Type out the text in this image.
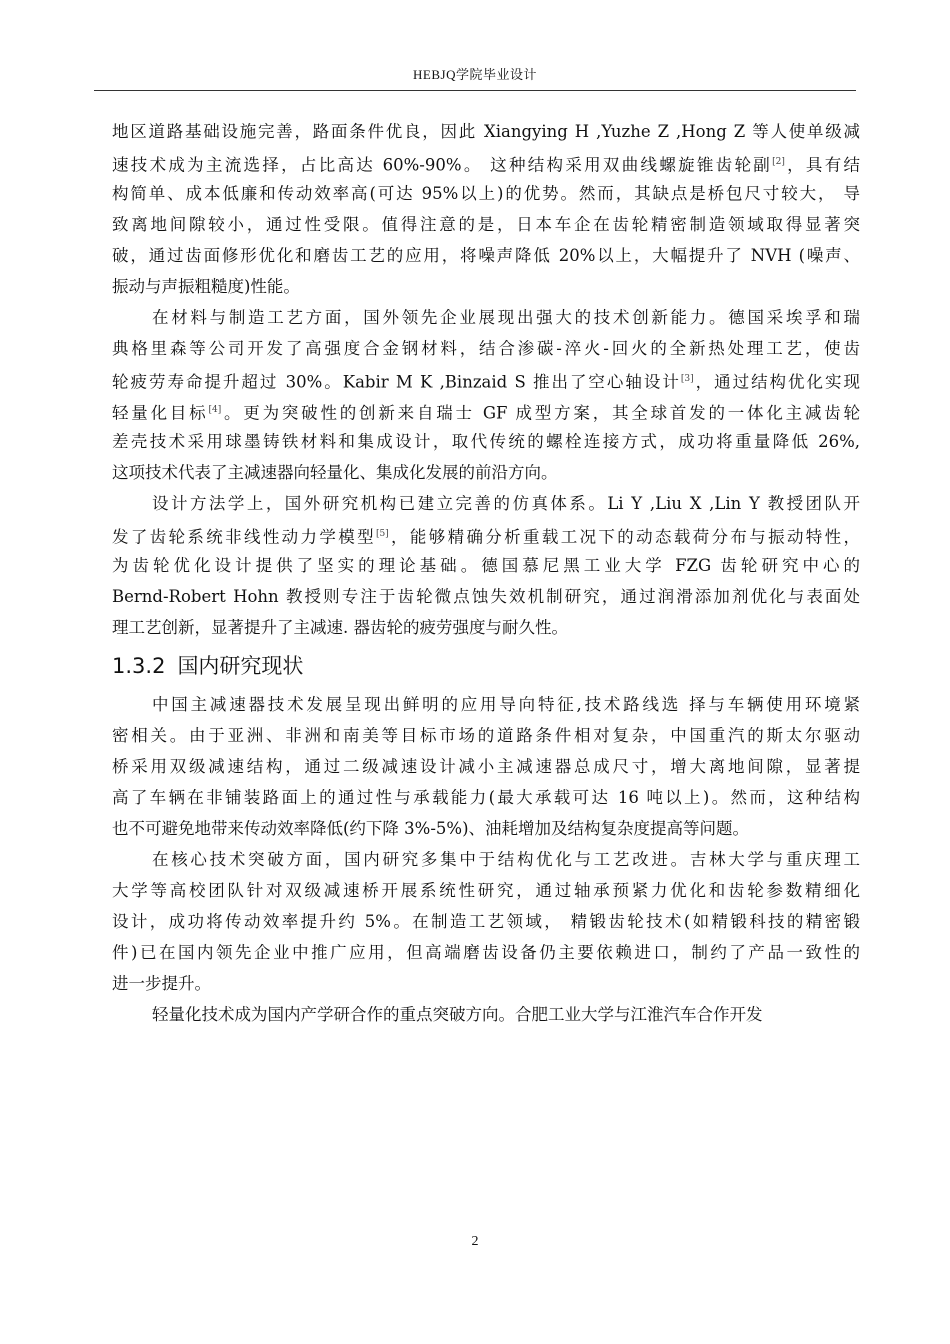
HEBJQ学院毕业设计
地区道路基础设施完善，路面条件优良，因此 Xiangying H ,Yuzhe Z ,Hong Z 等人使单级减
速技术成为主流选择，占比高达 60%-90%。 这种结构采用双曲线螺旋锥齿轮副[2]，具有结
构简单、成本低廉和传动效率高(可达 95%以上)的优势。然而，其缺点是桥包尺寸较大， 导
致离地间隙较小，通过性受限。值得注意的是，日本车企在齿轮精密制造领域取得显著突
破，通过齿面修形优化和磨齿工艺的应用，将噪声降低 20%以上，大幅提升了 NVH (噪声、
振动与声振粗糙度)性能。
在材料与制造工艺方面，国外领先企业展现出强大的技术创新能力。德国采埃孚和瑞
典格里森等公司开发了高强度合金钢材料，结合渗碳-淬火-回火的全新热处理工艺，使齿
轮疲劳寿命提升超过 30%。Kabir M K ,Binzaid S 推出了空心轴设计[3]，通过结构优化实现
轻量化目标[4]。更为突破性的创新来自瑞士 GF 成型方案，其全球首发的一体化主减齿轮
差壳技术采用球墨铸铁材料和集成设计，取代传统的螺栓连接方式，成功将重量降低 26%,
这项技术代表了主减速器向轻量化、集成化发展的前沿方向。
设计方法学上，国外研究机构已建立完善的仿真体系。Li Y ,Liu X ,Lin Y 教授团队开
发了齿轮系统非线性动力学模型[5]，能够精确分析重载工况下的动态载荷分布与振动特性，
为齿轮优化设计提供了坚实的理论基础。德国慕尼黑工业大学 FZG 齿轮研究中心的
Bernd-Robert Hohn 教授则专注于齿轮微点蚀失效机制研究，通过润滑添加剂优化与表面处
理工艺创新，显著提升了主减速. 器齿轮的疲劳强度与耐久性。
1.3.2 国内研究现状
中国主减速器技术发展呈现出鲜明的应用导向特征,技术路线选 择与车辆使用环境紧
密相关。由于亚洲、非洲和南美等目标市场的道路条件相对复杂，中国重汽的斯太尔驱动
桥采用双级减速结构，通过二级减速设计减小主减速器总成尺寸，增大离地间隙，显著提
高了车辆在非铺装路面上的通过性与承载能力(最大承载可达 16 吨以上)。然而，这种结构
也不可避免地带来传动效率降低(约下降 3%-5%)、油耗增加及结构复杂度提高等问题。
在核心技术突破方面，国内研究多集中于结构优化与工艺改进。吉林大学与重庆理工
大学等高校团队针对双级减速桥开展系统性研究，通过轴承预紧力优化和齿轮参数精细化
设计，成功将传动效率提升约 5%。在制造工艺领域， 精锻齿轮技术(如精锻科技的精密锻
件)已在国内领先企业中推广应用，但高端磨齿设备仍主要依赖进口，制约了产品一致性的
进一步提升。
轻量化技术成为国内产学研合作的重点突破方向。合肥工业大学与江淮汽车合作开发
2
